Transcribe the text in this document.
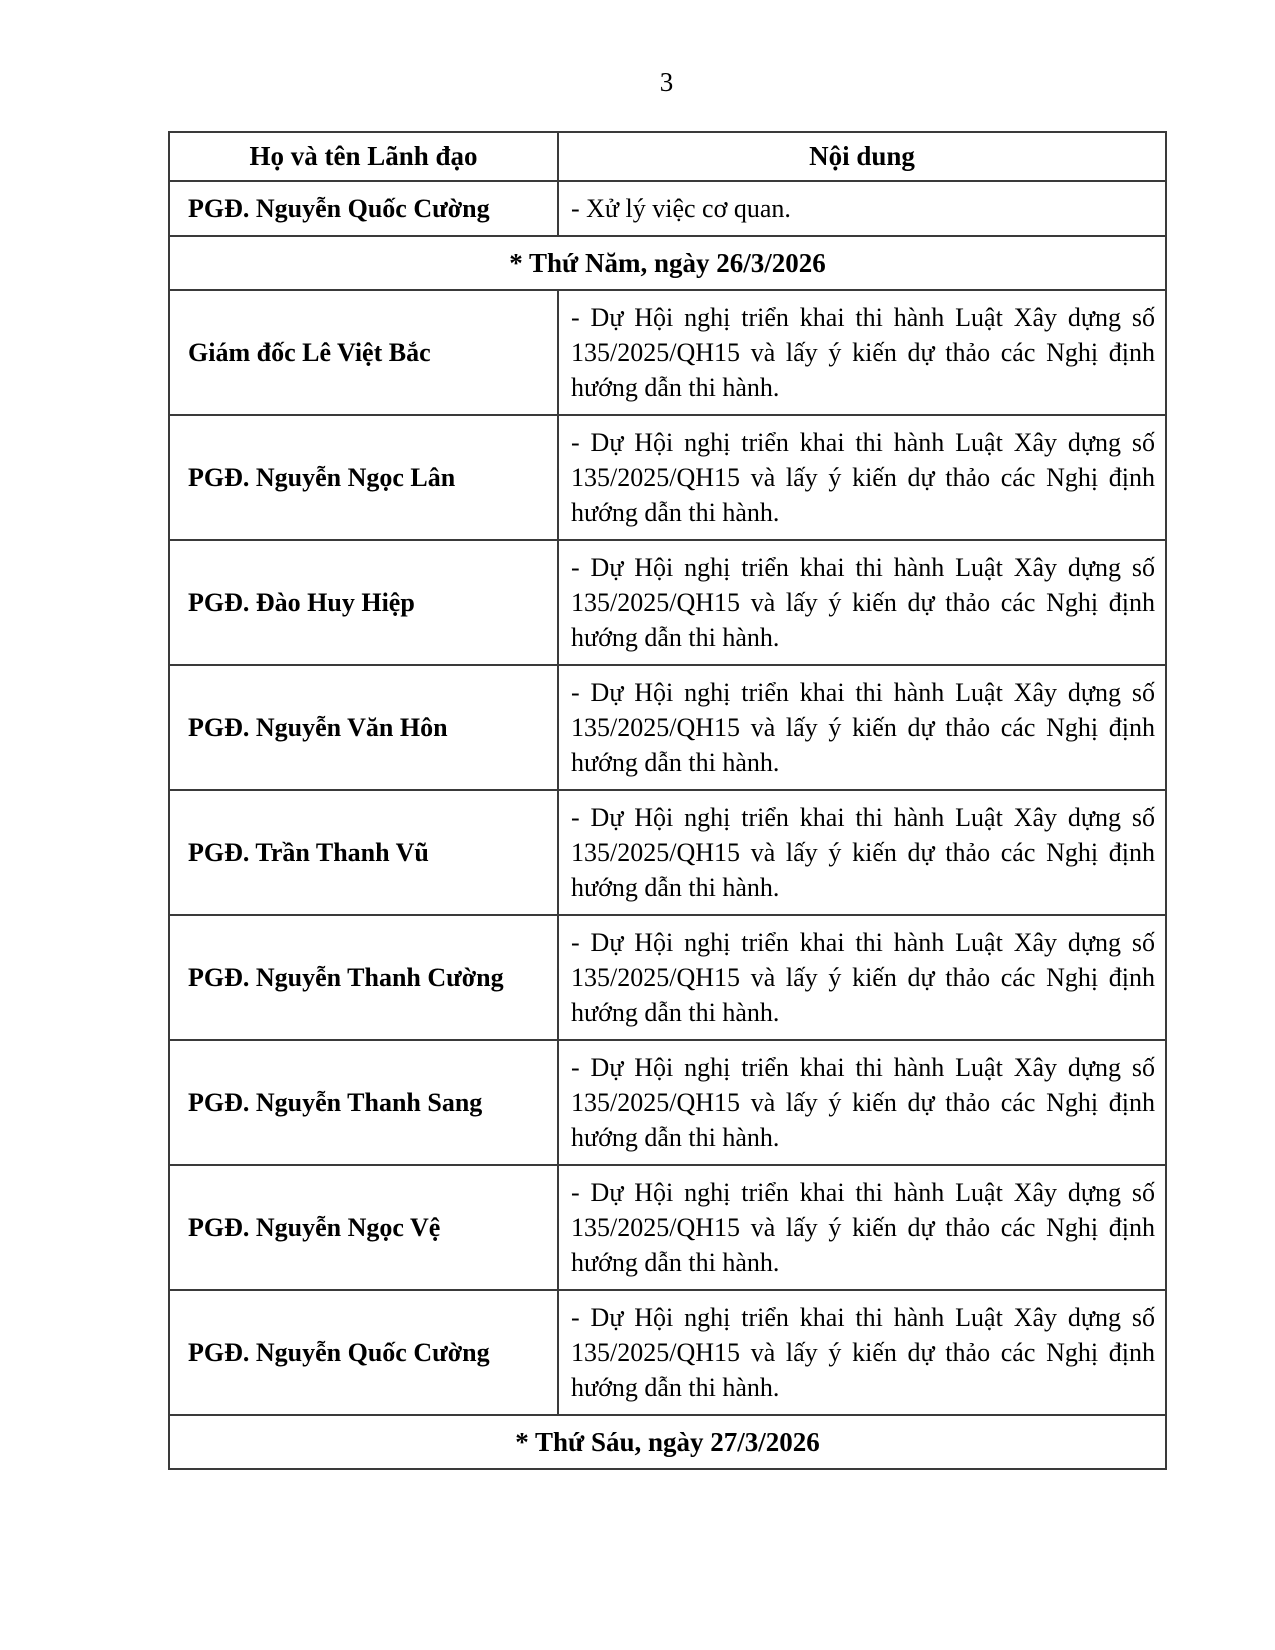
3
Họ và tên Lãnh đạo	Nội dung
PGĐ. Nguyễn Quốc Cường	- Xử lý việc cơ quan.
* Thứ Năm, ngày 26/3/2026	
Giám đốc Lê Việt Bắc	- Dự Hội nghị triển khai thi hành Luật Xây dựng số 135/2025/QH15 và lấy ý kiến dự thảo các Nghị định hướng dẫn thi hành.
PGĐ. Nguyễn Ngọc Lân	- Dự Hội nghị triển khai thi hành Luật Xây dựng số 135/2025/QH15 và lấy ý kiến dự thảo các Nghị định hướng dẫn thi hành.
PGĐ. Đào Huy Hiệp	- Dự Hội nghị triển khai thi hành Luật Xây dựng số 135/2025/QH15 và lấy ý kiến dự thảo các Nghị định hướng dẫn thi hành.
PGĐ. Nguyễn Văn Hôn	- Dự Hội nghị triển khai thi hành Luật Xây dựng số 135/2025/QH15 và lấy ý kiến dự thảo các Nghị định hướng dẫn thi hành.
PGĐ. Trần Thanh Vũ	- Dự Hội nghị triển khai thi hành Luật Xây dựng số 135/2025/QH15 và lấy ý kiến dự thảo các Nghị định hướng dẫn thi hành.
PGĐ. Nguyễn Thanh Cường	- Dự Hội nghị triển khai thi hành Luật Xây dựng số 135/2025/QH15 và lấy ý kiến dự thảo các Nghị định hướng dẫn thi hành.
PGĐ. Nguyễn Thanh Sang	- Dự Hội nghị triển khai thi hành Luật Xây dựng số 135/2025/QH15 và lấy ý kiến dự thảo các Nghị định hướng dẫn thi hành.
PGĐ. Nguyễn Ngọc Vệ	- Dự Hội nghị triển khai thi hành Luật Xây dựng số 135/2025/QH15 và lấy ý kiến dự thảo các Nghị định hướng dẫn thi hành.
PGĐ. Nguyễn Quốc Cường	- Dự Hội nghị triển khai thi hành Luật Xây dựng số 135/2025/QH15 và lấy ý kiến dự thảo các Nghị định hướng dẫn thi hành.
* Thứ Sáu, ngày 27/3/2026	
